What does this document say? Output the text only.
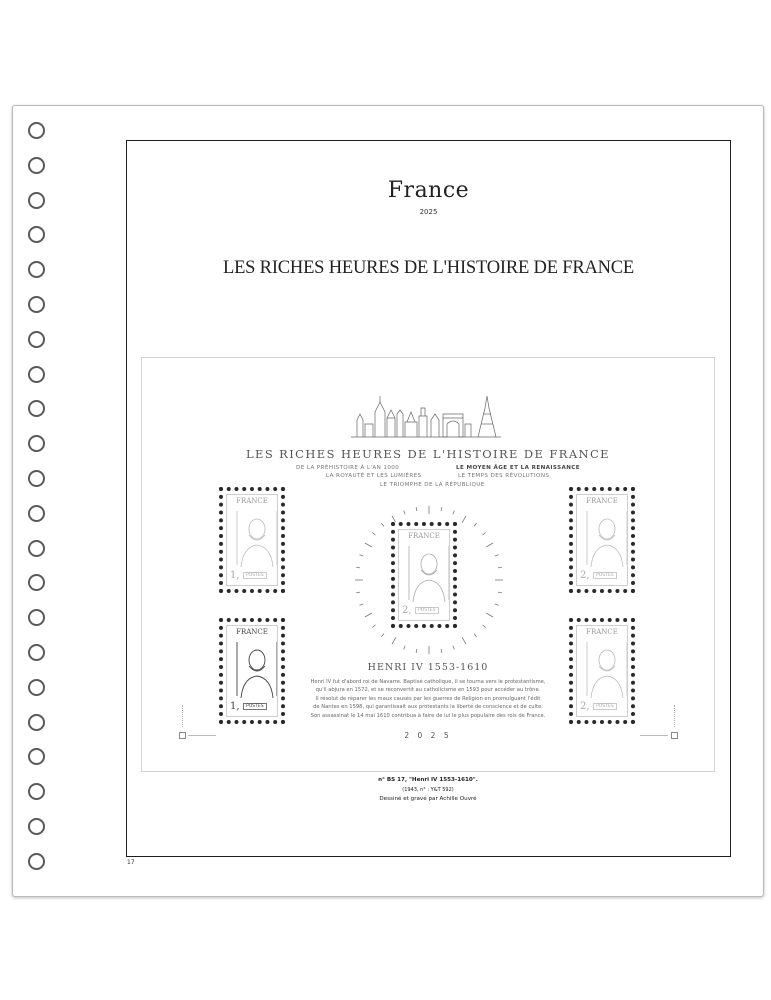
France
2025
LES RICHES HEURES DE L'HISTOIRE DE FRANCE
LES RICHES HEURES DE L'HISTOIRE DE FRANCE
DE LA PRÉHISTOIRE À L'AN 1000	LE MOYEN ÂGE ET LA RENAISSANCE
LA ROYAUTÉ ET LES LUMIÈRES	LE TEMPS DES RÉVOLUTIONS
LE TRIOMPHE DE LA RÉPUBLIQUE
FRANCE
1,	POSTES
FRANCE
2,	POSTES
FRANCE
2,	POSTES
FRANCE
1,	POSTES
FRANCE
2,	POSTES
HENRI IV 1553-1610

Henri IV fut d'abord roi de Navarre. Baptisé catholique, il se tourna vers le protestantisme,
qu'il abjura en 1572, et se reconvertit au catholicisme en 1593 pour accéder au trône.
Il résolut de réparer les maux causés par les guerres de Religion en promulguant l'édit
de Nantes en 1598, qui garantissait aux protestants la liberté de conscience et de culte.
Son assassinat le 14 mai 1610 contribua à faire de lui le plus populaire des rois de France.

2 0 2 5
n° BS 17, "Henri IV 1553-1610".
(1943, n° : Y&T 592)
Dessiné et gravé par Achille Ouvré
17
